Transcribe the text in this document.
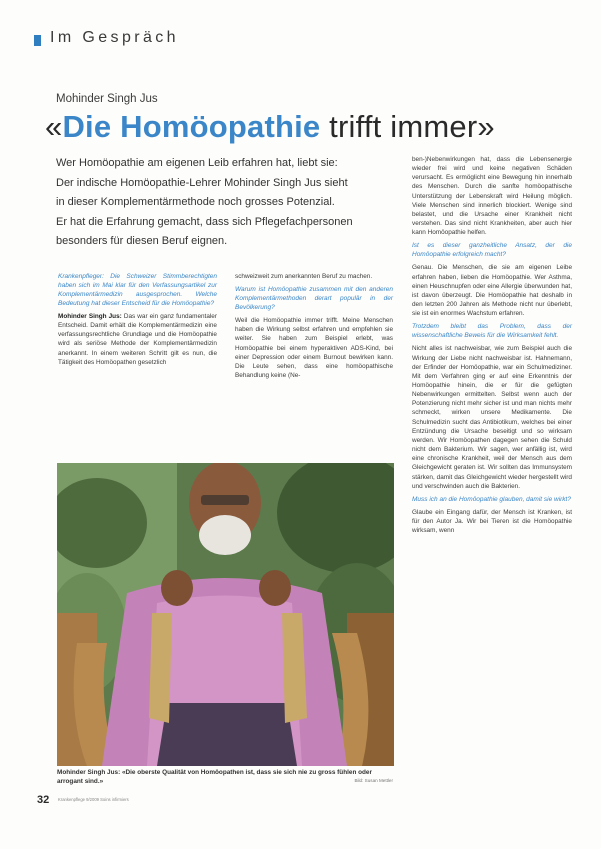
Im Gespräch
Mohinder Singh Jus
«Die Homöopathie trifft immer»
Wer Homöopathie am eigenen Leib erfahren hat, liebt sie:
Der indische Homöopathie-Lehrer Mohinder Singh Jus sieht
in dieser Komplementärmethode noch grosses Potenzial.
Er hat die Erfahrung gemacht, dass sich Pflegefachpersonen
besonders für diesen Beruf eignen.

Krankenpfleger: Die Schweizer Stimmberechtigten haben sich im Mai klar für den Verfassungsartikel zur Komplementärmedizin ausgesprochen. Welche Bedeutung hat dieser Entscheid für die Homöopathie?

Mohinder Singh Jus: Das war ein ganz fundamentaler Entscheid. Damit erhält die Komplementärmedizin eine verfassungsrechtliche Grundlage und die Homöopathie wird als seriöse Methode der Komplementärmedizin anerkannt. In einem weiteren Schritt gilt es nun, die Tätigkeit des Homöopathen gesetzlich

schweizweit zum anerkannten Beruf zu machen.

Warum ist Homöopathie zusammen mit den anderen Komplementärmethoden derart populär in der Bevölkerung?

Weil die Homöopathie immer trifft. Meine Menschen haben die Wirkung selbst erfahren und empfehlen sie weiter. Sie haben zum Beispiel erlebt, was Homöopathie bei einem hyperaktiven ADS-Kind, bei einer Depression oder einem Burnout bewirken kann. Die Leute sehen, dass eine homöopathische Behandlung keine (Ne-

ben-)Nebenwirkungen hat, dass die Lebensenergie wieder frei wird und keine negativen Schäden verursacht. Es ermöglicht eine Bewegung hin innerhalb des Menschen. Durch die sanfte homöopathische Unterstützung der Lebenskraft wird Heilung möglich. Viele Menschen sind innerlich blockiert. Wenige sind belastet, und die Ursache einer Krankheit nicht verstehen. Das sind nicht Krankheiten, aber auch hier kann Homöopathie helfen.

Ist es dieser ganzheitliche Ansatz, der die Homöopathie erfolgreich macht?

Genau. Die Menschen, die sie am eigenen Leibe erfahren haben, lieben die Homöopathie. Wer Asthma, einen Heuschnupfen oder eine Allergie überwunden hat, ist davon überzeugt. Die Homöopathie hat deshalb in den letzten 200 Jahren als Methode nicht nur überlebt, sie ist ein enormes Wachstum erfahren.

Trotzdem bleibt das Problem, dass der wissenschaftliche Beweis für die Wirksamkeit fehlt.

Nicht alles ist nachweisbar, wie zum Beispiel auch die Wirkung der Liebe nicht nachweisbar ist. Hahnemann, der Erfinder der Homöopathie, war ein Schulmediziner. Mit dem Verfahren ging er auf eine Erkenntnis der Homöopathie hinein, die er für die gefügten Nebenwirkungen ermittelten. Selbst wenn auch der Potenzierung nicht mehr sicher ist und man nichts mehr schmeckt, wirken unsere Medikamente. Die Schulmedizin sucht das Antibiotikum, welches bei einer Entzündung die Ursache beseitigt und so wirksam werden. Wir Homöopathen dagegen sehen die Schuld nicht dem Bakterium. Wir sagen, wer anfällig ist, wird eine chronische Krankheit, weil der Mensch aus dem Gleichgewicht geraten ist. Wir sollten das Immunsystem stärken, damit das Gleichgewicht wieder hergestellt wird und verschwinden auch die Bakterien.

Muss ich an die Homöopathie glauben, damit sie wirkt?

Glaube ein Eingang dafür, der Mensch ist Kranken, ist für den Autor Ja. Wir bei Tieren ist die Homöopathie wirksam, wenn

Mohinder Singh Jus: «Die oberste Qualität von Homöopathen ist, dass sie sich nie zu gross fühlen oder arrogant sind.»	Bild: Susan Mettler
32 Krankenpflege 9/2009 Soins infirmiers
